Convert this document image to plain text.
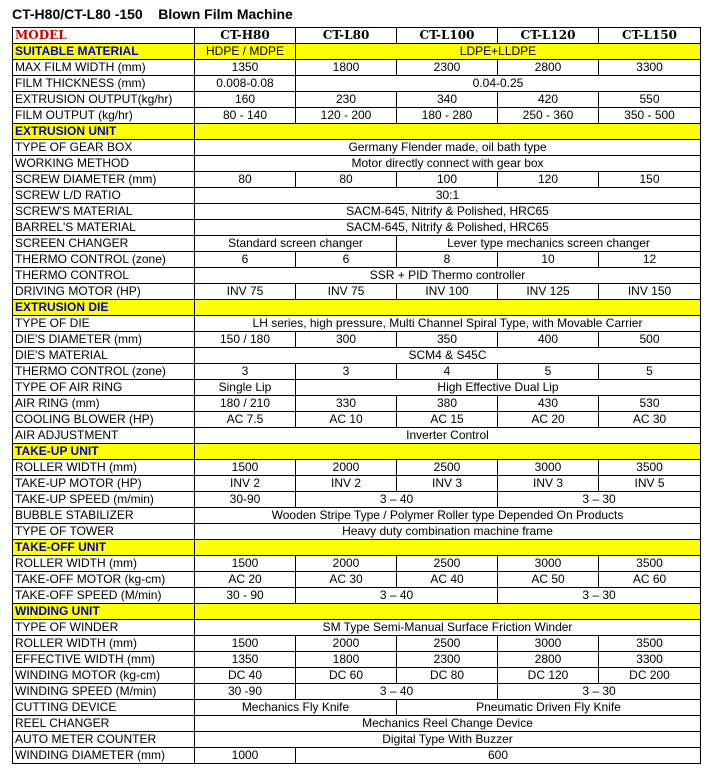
CT-H80/CT-L80 -150    Blown Film Machine
MODEL	CT-H80	CT-L80	CT-L100	CT-L120	CT-L150
SUITABLE MATERIAL	HDPE / MDPE	LDPE+LLDPE			
MAX FILM WIDTH (mm)	1350	1800	2300	2800	3300
FILM THICKNESS (mm)	0.008-0.08	0.04-0.25			
EXTRUSION OUTPUT(kg/hr)	160	230	340	420	550
FILM OUTPUT (kg/hr)	80 - 140	120 - 200	180 - 280	250 - 360	350 - 500
EXTRUSION UNIT					
TYPE OF GEAR BOX	Germany Flender made, oil bath type				
WORKING METHOD	Motor directly connect with gear box				
SCREW DIAMETER (mm)	80	80	100	120	150
SCREW L/D RATIO	30:1				
SCREW'S MATERIAL	SACM-645, Nitrify & Polished, HRC65				
BARREL'S MATERIAL	SACM-645, Nitrify & Polished, HRC65				
SCREEN CHANGER	Standard screen changer		Lever type mechanics screen changer		
THERMO CONTROL (zone)	6	6	8	10	12
THERMO CONTROL	SSR + PID Thermo controller				
DRIVING MOTOR (HP)	INV 75	INV 75	INV 100	INV 125	INV 150
EXTRUSION DIE					
TYPE OF DIE	LH series, high pressure, Multi Channel Spiral Type, with Movable Carrier				
DIE'S DIAMETER (mm)	150 / 180	300	350	400	500
DIE'S MATERIAL	SCM4 & S45C				
THERMO CONTROL (zone)	3	3	4	5	5
TYPE OF AIR RING	Single Lip	High Effective Dual Lip			
AIR RING (mm)	180 / 210	330	380	430	530
COOLING BLOWER (HP)	AC 7.5	AC 10	AC 15	AC 20	AC 30
AIR ADJUSTMENT	Inverter Control				
TAKE-UP UNIT					
ROLLER WIDTH (mm)	1500	2000	2500	3000	3500
TAKE-UP MOTOR (HP)	INV 2	INV 2	INV 3	INV 3	INV 5
TAKE-UP SPEED (m/min)	30-90	3 – 40		3 – 30	
BUBBLE STABILIZER	Wooden Stripe Type / Polymer Roller type Depended On Products				
TYPE OF TOWER	Heavy duty combination machine frame				
TAKE-OFF UNIT					
ROLLER WIDTH (mm)	1500	2000	2500	3000	3500
TAKE-OFF MOTOR (kg-cm)	AC 20	AC 30	AC 40	AC 50	AC 60
TAKE-OFF SPEED (M/min)	30 - 90	3 – 40		3 – 30	
WINDING UNIT					
TYPE OF WINDER	SM Type Semi-Manual Surface Friction Winder				
ROLLER WIDTH (mm)	1500	2000	2500	3000	3500
EFFECTIVE WIDTH (mm)	1350	1800	2300	2800	3300
WINDING MOTOR (kg-cm)	DC 40	DC 60	DC 80	DC 120	DC 200
WINDING SPEED (M/min)	30 -90	3 – 40		3 – 30	
CUTTING DEVICE	Mechanics Fly Knife		Pneumatic Driven Fly Knife		
REEL CHANGER	Mechanics Reel Change Device				
AUTO METER COUNTER	Digital Type With Buzzer				
WINDING DIAMETER (mm)	1000	600			
